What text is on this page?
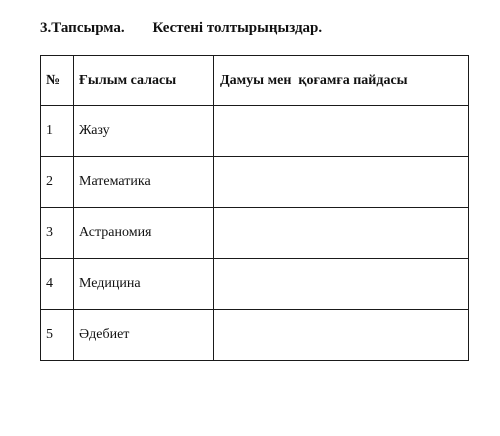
3.Тапсырма. Кестені толтырыңыздар.
№	Ғылым саласы	Дамуы мен  қоғамға пайдасы
1	Жазу	
2	Математика	
3	Астраномия	
4	Медицина	
5	Әдебиет	
